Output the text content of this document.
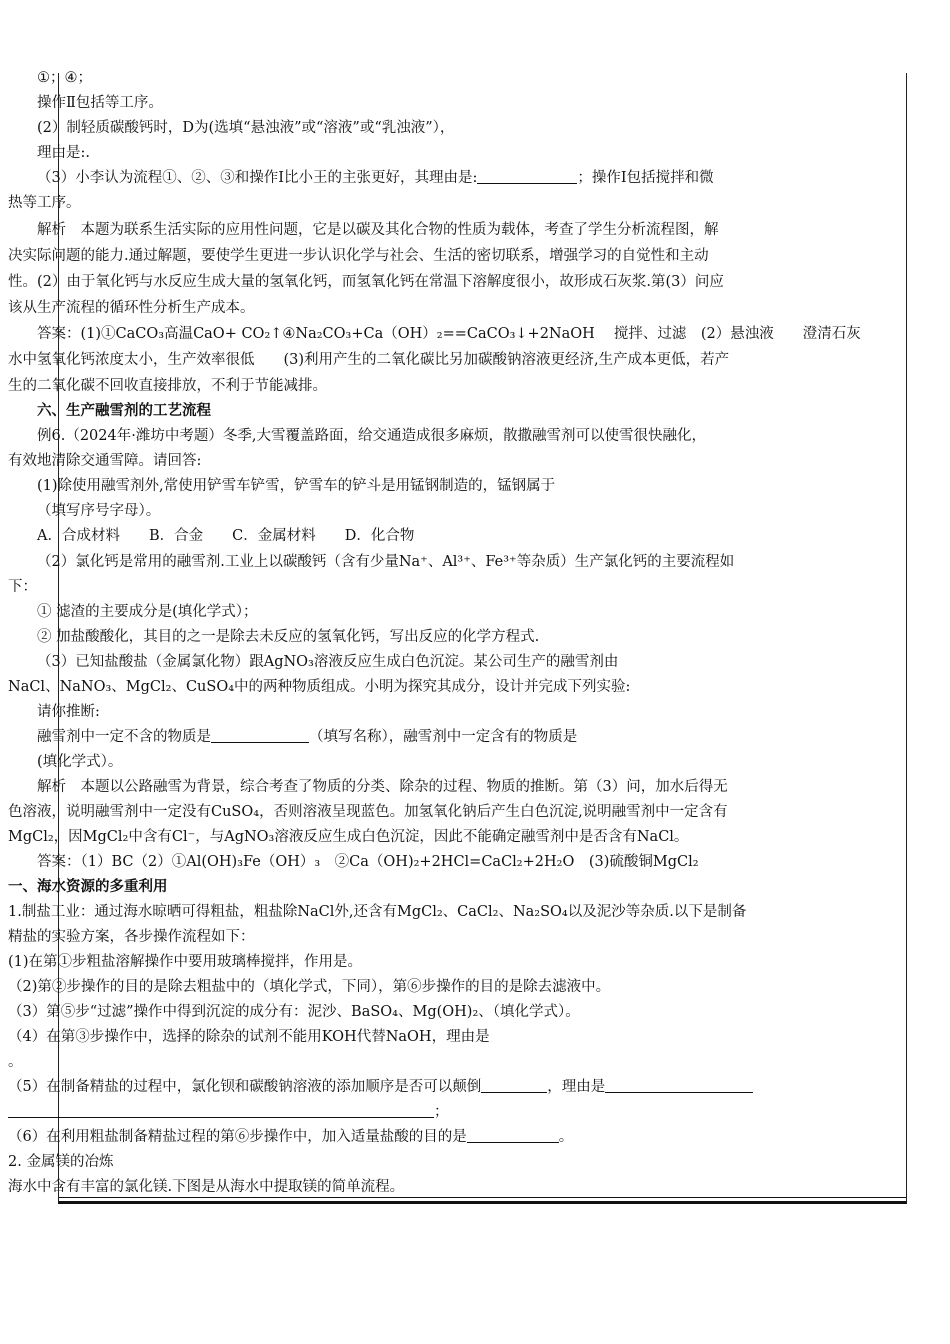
①；④；
操作Ⅱ包括等工序。
(2）制轻质碳酸钙时，D为(选填“悬浊液”或“溶液”或“乳浊液”），
理由是:.
（3）小李认为流程①、②、③和操作Ⅰ比小王的主张更好，其理由是:	；操作Ⅰ包括搅拌和微
热等工序。
解析　本题为联系生活实际的应用性问题，它是以碳及其化合物的性质为载体，考查了学生分析流程图，解
决实际问题的能力.通过解题，要使学生更进一步认识化学与社会、生活的密切联系，增强学习的自觉性和主动
性。(2）由于氧化钙与水反应生成大量的氢氧化钙，而氢氧化钙在常温下溶解度很小，故形成石灰浆.第(3）问应
该从生产流程的循环性分析生产成本。
答案：(1)①CaCO₃高温CaO+ CO₂↑④Na₂CO₃+Ca（OH）₂==CaCO₃↓+2NaOH　 搅拌、过滤　(2）悬浊液　　澄清石灰
水中氢氧化钙浓度太小，生产效率很低　　(3)利用产生的二氧化碳比另加碳酸钠溶液更经济,生产成本更低，若产
生的二氧化碳不回收直接排放，不利于节能减排。
六、生产融雪剂的工艺流程
例6.（2024年·潍坊中考题）冬季,大雪覆盖路面，给交通造成很多麻烦，散撒融雪剂可以使雪很快融化，
有效地清除交通雪障。请回答:
(1)除使用融雪剂外,常使用铲雪车铲雪，铲雪车的铲斗是用锰钢制造的，锰钢属于
（填写序号字母）。
A．合成材料　　B．合金　　C．金属材料　　D．化合物
（2）氯化钙是常用的融雪剂.工业上以碳酸钙（含有少量Na⁺、Al³⁺、Fe³⁺等杂质）生产氯化钙的主要流程如
下：
① 滤渣的主要成分是(填化学式）；
② 加盐酸酸化，其目的之一是除去未反应的氢氧化钙，写出反应的化学方程式.
（3）已知盐酸盐（金属氯化物）跟AgNO₃溶液反应生成白色沉淀。某公司生产的融雪剂由
NaCl、NaNO₃、MgCl₂、CuSO₄中的两种物质组成。小明为探究其成分，设计并完成下列实验:
请你推断:
融雪剂中一定不含的物质是	（填写名称），融雪剂中一定含有的物质是
(填化学式）。
解析　本题以公路融雪为背景，综合考查了物质的分类、除杂的过程、物质的推断。第（3）问，加水后得无
色溶液，说明融雪剂中一定没有CuSO₄，否则溶液呈现蓝色。加氢氧化钠后产生白色沉淀,说明融雪剂中一定含有
MgCl₂，因MgCl₂中含有Cl⁻，与AgNO₃溶液反应生成白色沉淀，因此不能确定融雪剂中是否含有NaCl。
答案：（1）BC（2）①Al(OH)₃Fe（OH）₃　②Ca（OH)₂+2HCl=CaCl₂+2H₂O　(3)硫酸铜MgCl₂
一、海水资源的多重利用
1.制盐工业：通过海水晾晒可得粗盐，粗盐除NaCl外,还含有MgCl₂、CaCl₂、Na₂SO₄以及泥沙等杂质.以下是制备
精盐的实验方案，各步操作流程如下：
(1)在第①步粗盐溶解操作中要用玻璃棒搅拌，作用是。
（2)第②步操作的目的是除去粗盐中的（填化学式，下同），第⑥步操作的目的是除去滤液中。
（3）第⑤步“过滤”操作中得到沉淀的成分有：泥沙、BaSO₄、Mg(OH)₂、（填化学式）。
（4）在第③步操作中，选择的除杂的试剂不能用KOH代替NaOH，理由是
。
（5）在制备精盐的过程中，氯化钡和碳酸钠溶液的添加顺序是否可以颠倒	，理由是
；
（6）在利用粗盐制备精盐过程的第⑥步操作中，加入适量盐酸的目的是	。
2. 金属镁的冶炼
海水中含有丰富的氯化镁.下图是从海水中提取镁的简单流程。
